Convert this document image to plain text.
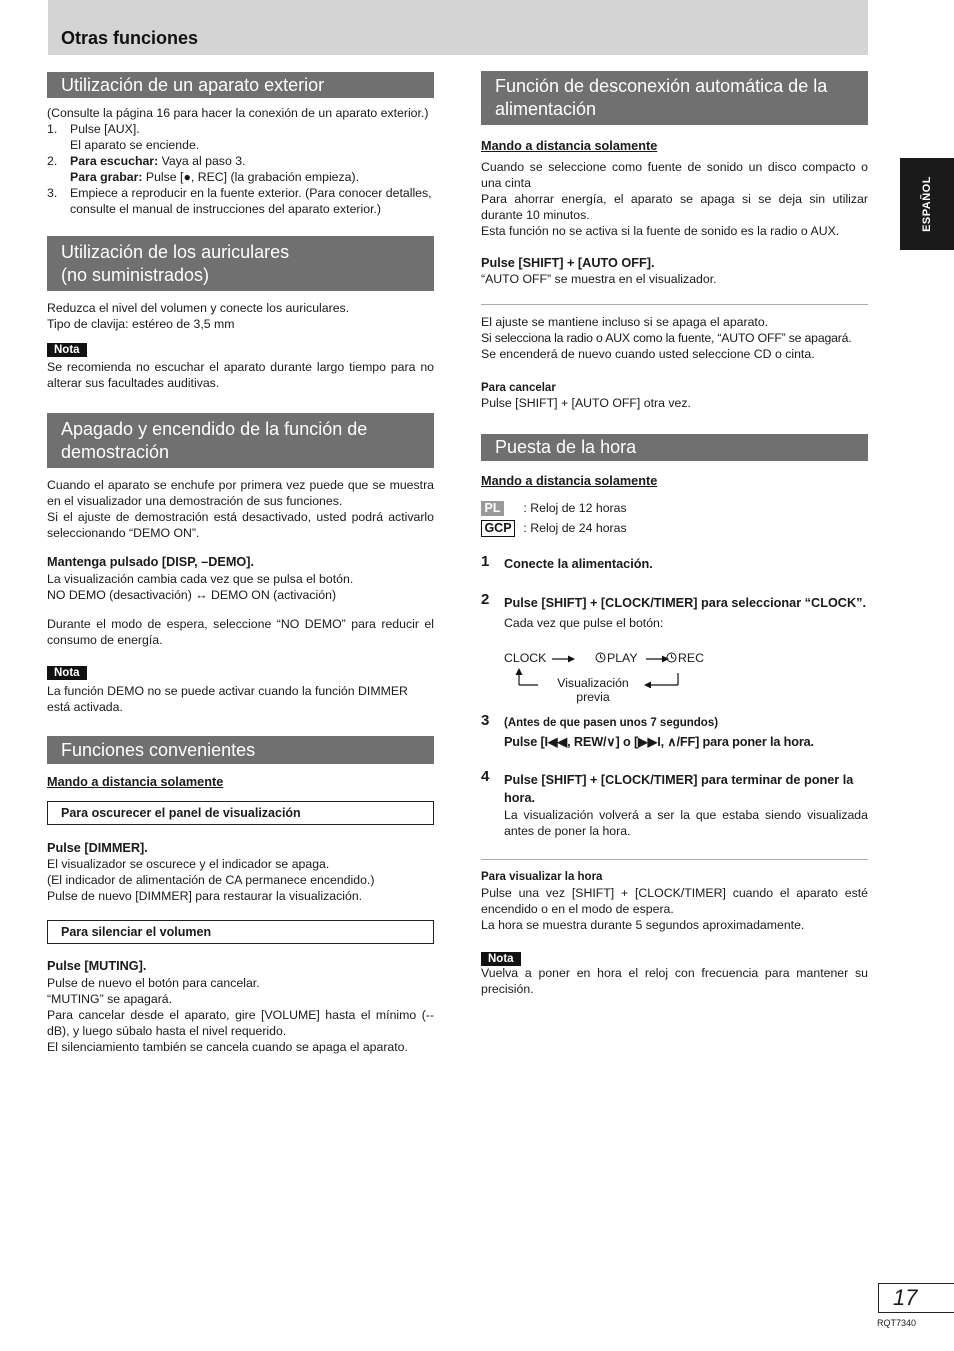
Otras funciones
ESPAÑOL
Utilización de un aparato exterior

(Consulte la página 16 para hacer la conexión de un aparato exterior.)

1.	Pulse [AUX].
El aparato se enciende.
2.	Para escuchar: Vaya al paso 3.
Para grabar: Pulse [●, REC] (la grabación empieza).
3.	Empiece a reproducir en la fuente exterior. (Para conocer detalles, consulte el manual de instrucciones del aparato exterior.)
Utilización de los auriculares
(no suministrados)

Reduzca el nivel del volumen y conecte los auriculares.

Tipo de clavija: estéreo de 3,5 mm

Nota
Se recomienda no escuchar el aparato durante largo tiempo para no alterar sus facultades auditivas.
Apagado y encendido de la función de demostración

Cuando el aparato se enchufe por primera vez puede que se muestra en el visualizador una demostración de sus funciones.

Si el ajuste de demostración está desactivado, usted podrá activarlo seleccionando “DEMO ON”.

Mantenga pulsado [DISP, –DEMO].

La visualización cambia cada vez que se pulsa el botón.

NO DEMO (desactivación) ↔ DEMO ON (activación)

Durante el modo de espera, seleccione “NO DEMO” para reducir el consumo de energía.
Nota
La función DEMO no se puede activar cuando la función DIMMER está activada.
Funciones convenientes
Mando a distancia solamente
Para oscurecer el panel de visualización
Pulse [DIMMER].

El visualizador se oscurece y el indicador se apaga.

(El indicador de alimentación de CA permanece encendido.)

Pulse de nuevo [DIMMER] para restaurar la visualización.

Para silenciar el volumen
Pulse [MUTING].

Pulse de nuevo el botón para cancelar.

“MUTING” se apagará.

Para cancelar desde el aparato, gire [VOLUME] hasta el mínimo (--dB), y luego súbalo hasta el nivel requerido.

El silenciamiento también se cancela cuando se apaga el aparato.

Función de desconexión automática de la alimentación
Mando a distancia solamente

Cuando se seleccione como fuente de sonido un disco compacto o una cinta

Para ahorrar energía, el aparato se apaga si se deja sin utilizar durante 10 minutos.

Esta función no se activa si la fuente de sonido es la radio o AUX.

Pulse [SHIFT] + [AUTO OFF].
“AUTO OFF” se muestra en el visualizador.

El ajuste se mantiene incluso si se apaga el aparato.

Si selecciona la radio o AUX como la fuente, “AUTO OFF” se apagará.

Se encenderá de nuevo cuando usted seleccione CD o cinta.

Para cancelar
Pulse [SHIFT] + [AUTO OFF] otra vez.
Puesta de la hora
Mando a distancia solamente
PL : Reloj de 12 horas
GCP : Reloj de 24 horas
1 Conecte la alimentación.
2 Pulse [SHIFT] + [CLOCK/TIMER] para seleccionar “CLOCK”.
Cada vez que pulse el botón:
CLOCK	PLAY	REC
Visualización
previa
3 (Antes de que pasen unos 7 segundos)
Pulse [I◀◀, REW/∨] o [▶▶I, ∧/FF] para poner la hora.
4 Pulse [SHIFT] + [CLOCK/TIMER] para terminar de poner la hora.
La visualización volverá a ser la que estaba siendo visualizada antes de poner la hora.
Para visualizar la hora

Pulse una vez [SHIFT] + [CLOCK/TIMER] cuando el aparato esté encendido o en el modo de espera.

La hora se muestra durante 5 segundos aproximadamente.

Nota
Vuelva a poner en hora el reloj con frecuencia para mantener su precisión.
17
RQT7340
